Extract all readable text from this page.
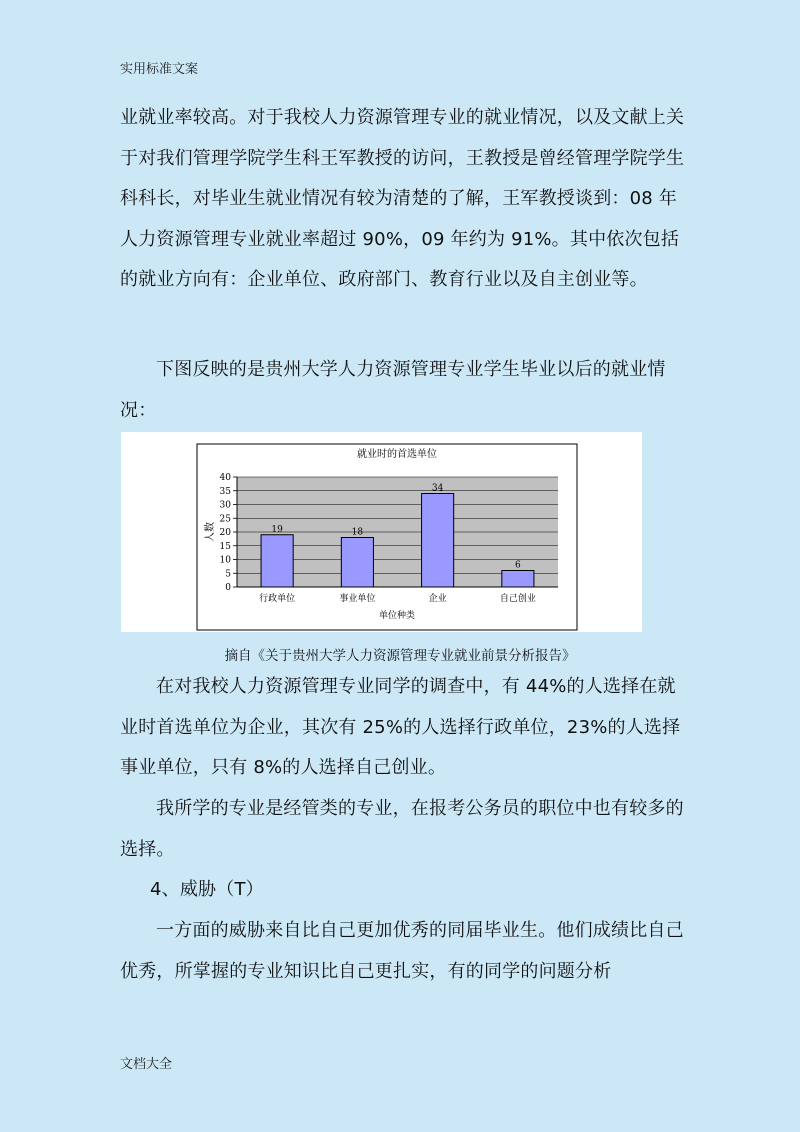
实用标准文案

业就业率较高。对于我校人力资源管理专业的就业情况，以及文献上关于对我们管理学院学生科王军教授的访问，王教授是曾经管理学院学生科科长，对毕业生就业情况有较为清楚的了解，王军教授谈到：08 年人力资源管理专业就业率超过 90%，09 年约为 91%。其中依次包括的就业方向有：企业单位、政府部门、教育行业以及自主创业等。

下图反映的是贵州大学人力资源管理专业学生毕业以后的就业情况：

就业时的首选单位
人数
单位种类
0
5
10
15
20
25
30
35
40
19
行政单位
18
事业单位
34
企业
6
自己创业
摘自《关于贵州大学人力资源管理专业就业前景分析报告》

在对我校人力资源管理专业同学的调查中，有 44%的人选择在就业时首选单位为企业，其次有 25%的人选择行政单位，23%的人选择事业单位，只有 8%的人选择自己创业。

我所学的专业是经管类的专业，在报考公务员的职位中也有较多的选择。

4、威胁（T）

一方面的威胁来自比自己更加优秀的同届毕业生。他们成绩比自己优秀，所掌握的专业知识比自己更扎实，有的同学的问题分析

文档大全
